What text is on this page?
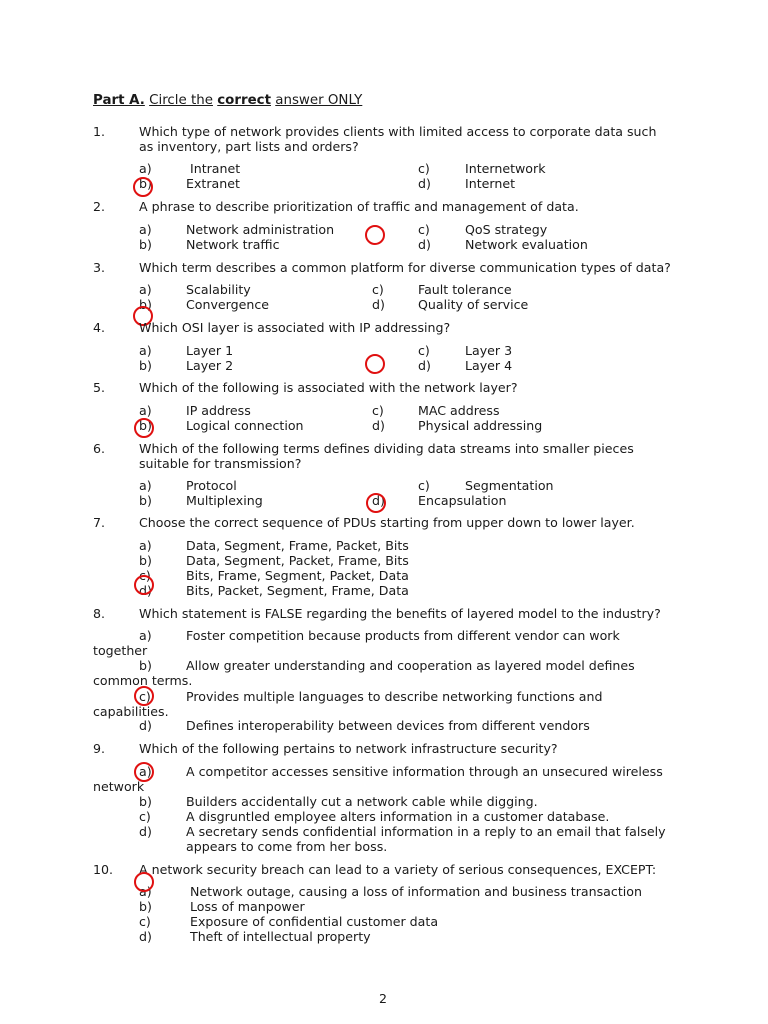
Part A. Circle the correct answer ONLY
1.	Which type of network provides clients with limited access to corporate data such
as inventory, part lists and orders?
a)	Intranet
b)	Extranet
c)	Internetwork
d)	Internet
2.	A phrase to describe prioritization of traffic and management of data.
a)	Network administration
b)	Network traffic
c)	QoS strategy
d)	Network evaluation
3.	Which term describes a common platform for diverse communication types of data?
a)	Scalability
b)	Convergence
c)	Fault tolerance
d)	Quality of service
4.	Which OSI layer is associated with IP addressing?
a)	Layer 1
b)	Layer 2
c)	Layer 3
d)	Layer 4
5.	Which of the following is associated with the network layer?
a)	IP address
b)	Logical connection
c)	MAC address
d)	Physical addressing
6.	Which of the following terms defines dividing data streams into smaller pieces
suitable for transmission?
a)	Protocol
b)	Multiplexing
c)	Segmentation
d)	Encapsulation
7.	Choose the correct sequence of PDUs starting from upper down to lower layer.
a)	Data, Segment, Frame, Packet, Bits
b)	Data, Segment, Packet, Frame, Bits
c)	Bits, Frame, Segment, Packet, Data
d)	Bits, Packet, Segment, Frame, Data
8.	Which statement is FALSE regarding the benefits of layered model to the industry?
a)	Foster competition because products from different vendor can work
together
b)	Allow greater understanding and cooperation as layered model defines
common terms.
c)	Provides multiple languages to describe networking functions and
capabilities.
d)	Defines interoperability between devices from different vendors
9.	Which of the following pertains to network infrastructure security?
a)	A competitor accesses sensitive information through an unsecured wireless
network
b)	Builders accidentally cut a network cable while digging.
c)	A disgruntled employee alters information in a customer database.
d)	A secretary sends confidential information in a reply to an email that falsely
appears to come from her boss.
10. A network security breach can lead to a variety of serious consequences, EXCEPT:
a)	Network outage, causing a loss of information and business transaction
b)	Loss of manpower
c)	Exposure of confidential customer data
d)	Theft of intellectual property
2
